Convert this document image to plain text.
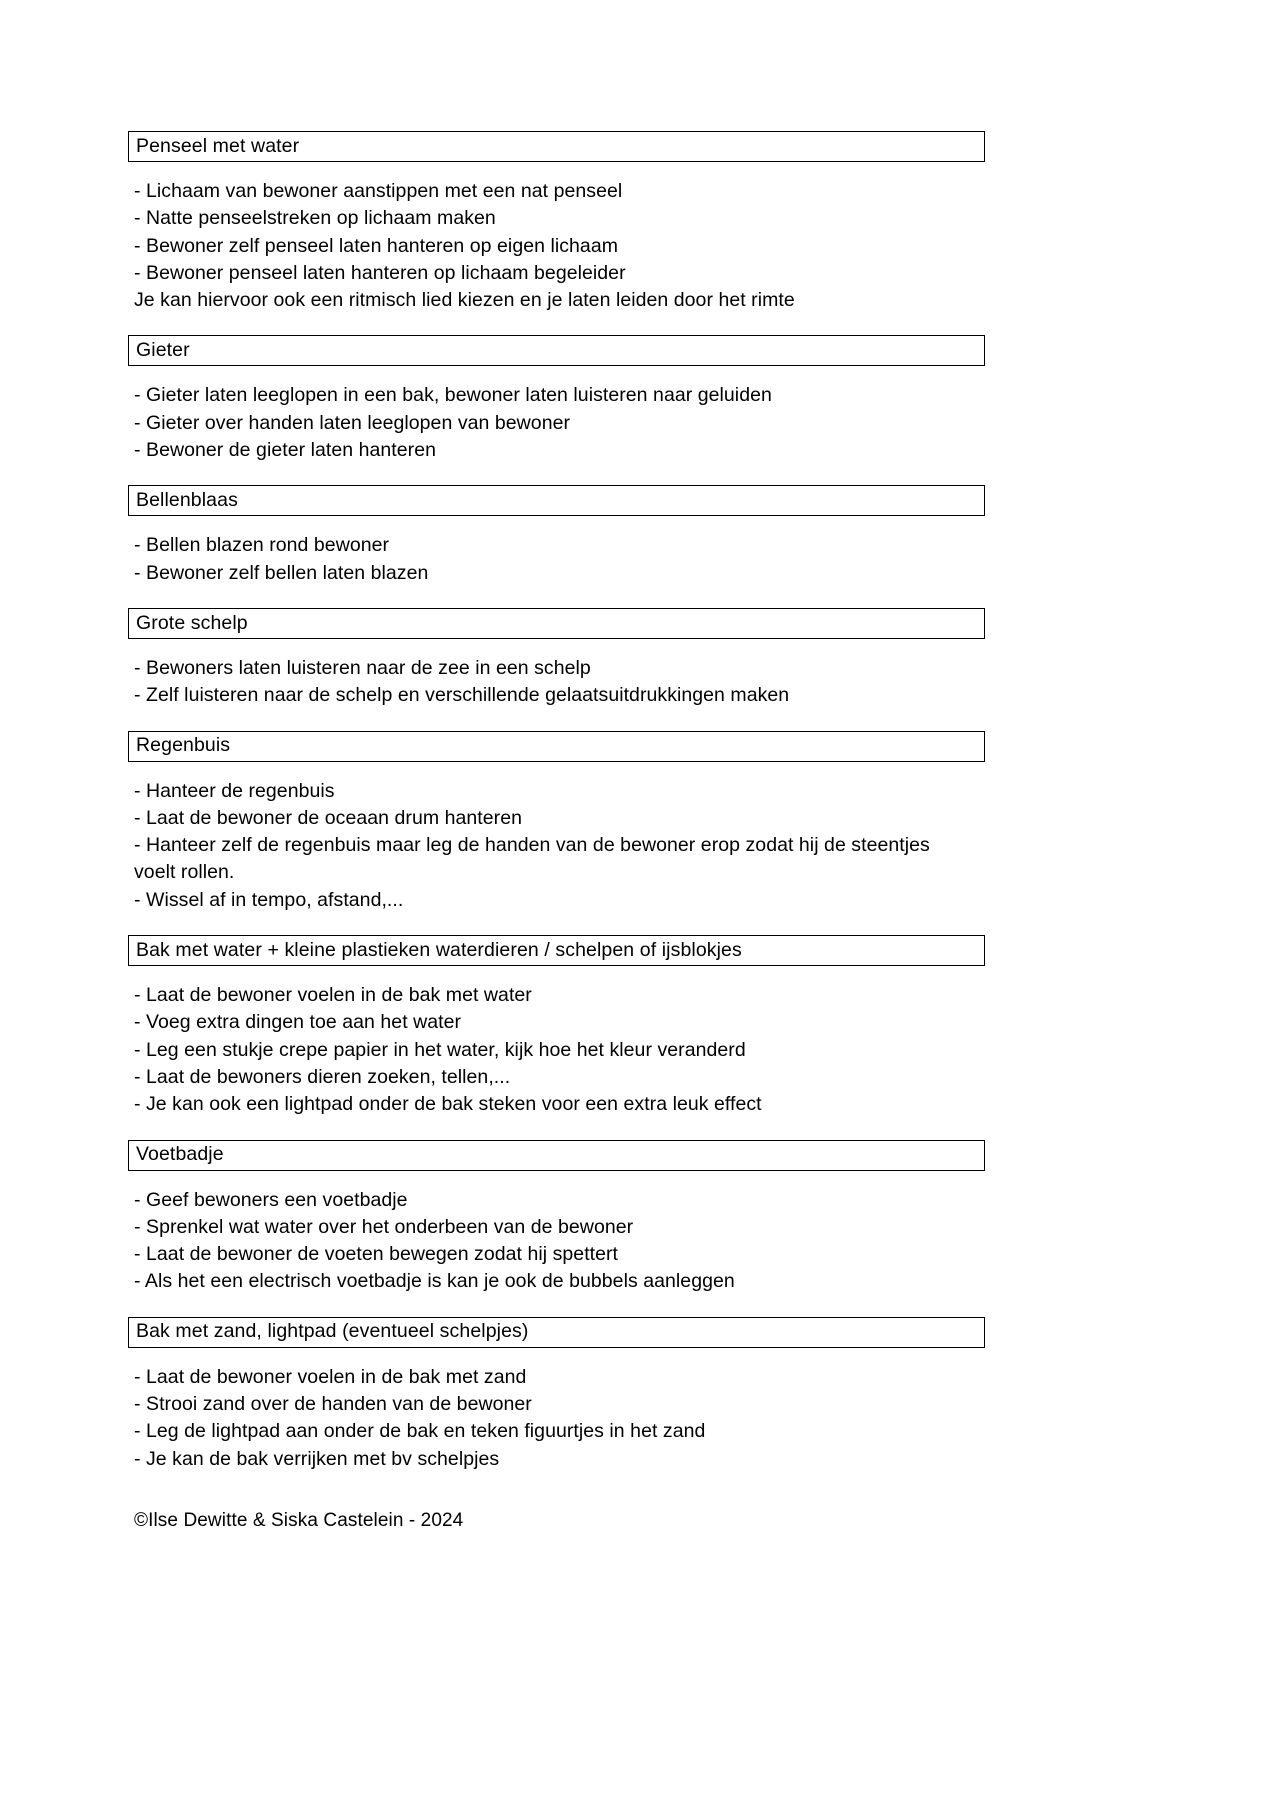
Penseel met water
- Lichaam van bewoner aanstippen met een nat penseel
- Natte penseelstreken op lichaam maken
- Bewoner zelf penseel laten hanteren op eigen lichaam
- Bewoner penseel laten hanteren op lichaam begeleider
Je kan hiervoor ook een ritmisch lied kiezen en je laten leiden door het rimte
Gieter
- Gieter laten leeglopen in een bak, bewoner laten luisteren naar geluiden
- Gieter over handen laten leeglopen van bewoner
- Bewoner de gieter laten hanteren
Bellenblaas
- Bellen blazen rond bewoner
- Bewoner zelf bellen laten blazen
Grote schelp
- Bewoners laten luisteren naar de zee in een schelp
- Zelf luisteren naar de schelp en verschillende gelaatsuitdrukkingen maken
Regenbuis
- Hanteer de regenbuis
- Laat de bewoner de oceaan drum hanteren
- Hanteer zelf de regenbuis maar leg de handen van de bewoner erop zodat hij de steentjes voelt rollen.
- Wissel af in tempo, afstand,...
Bak met water + kleine plastieken waterdieren / schelpen of ijsblokjes
- Laat de bewoner voelen in de bak met water
- Voeg extra dingen toe aan het water
- Leg een stukje crepe papier in het water, kijk hoe het kleur veranderd
- Laat de bewoners dieren zoeken, tellen,...
- Je kan ook een lightpad onder de bak steken voor een extra leuk effect
Voetbadje
- Geef bewoners een voetbadje
- Sprenkel wat water over het onderbeen van de bewoner
- Laat de bewoner de voeten bewegen zodat hij spettert
- Als het een electrisch voetbadje is kan je ook de bubbels aanleggen
Bak met zand, lightpad (eventueel schelpjes)
- Laat de bewoner voelen in de bak met zand
- Strooi zand over de handen van de bewoner
- Leg de lightpad aan onder de bak en teken figuurtjes in het zand
- Je kan de bak verrijken met bv schelpjes
©Ilse Dewitte & Siska Castelein - 2024
